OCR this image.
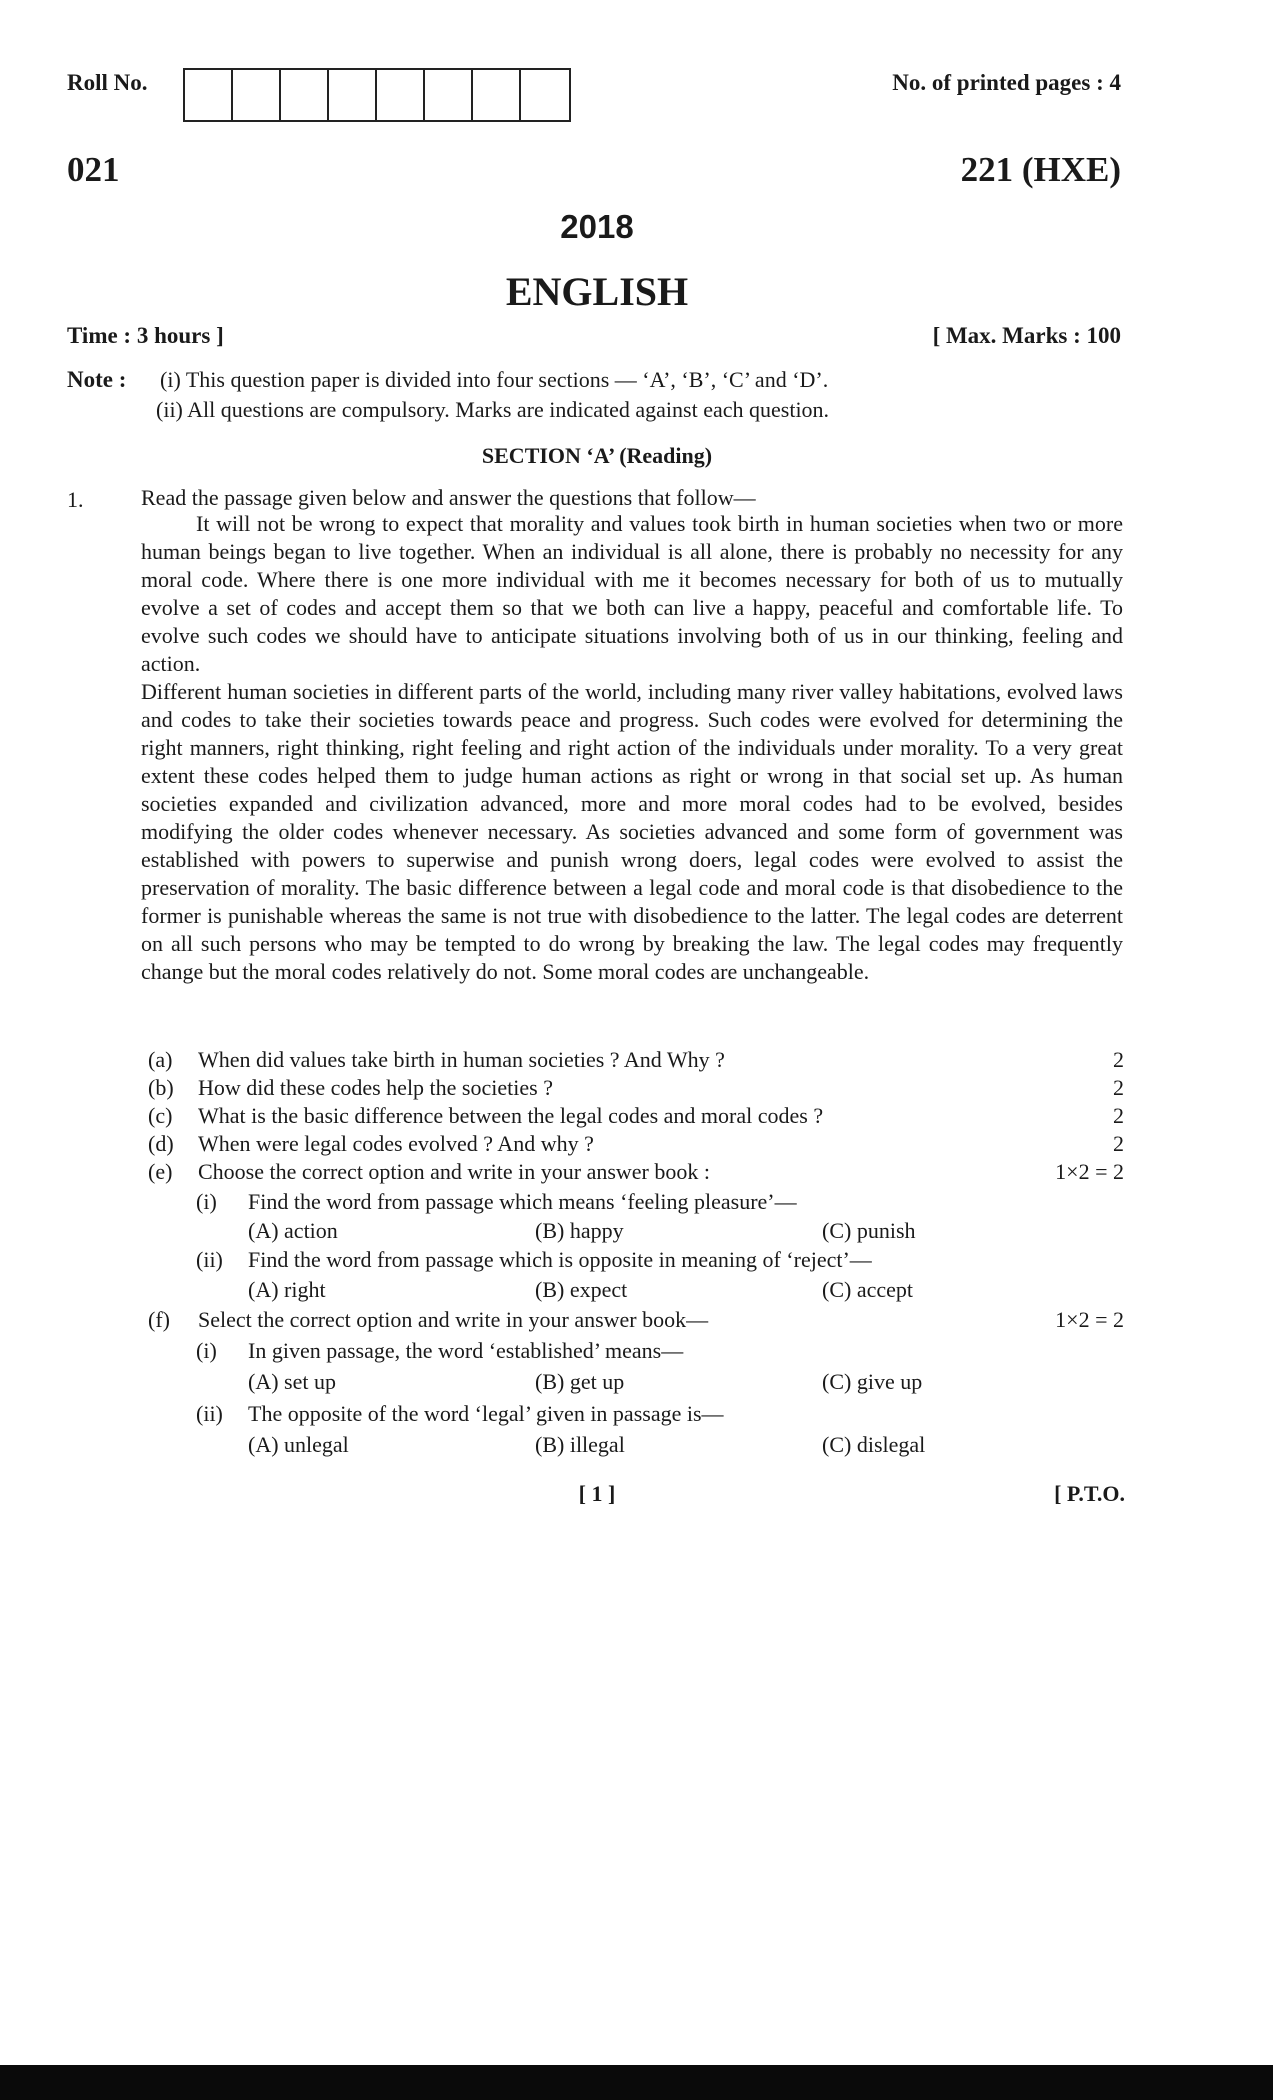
Roll No.	No. of printed pages : 4
021	221 (HXE)
2018
ENGLISH
Time : 3 hours ]	[ Max. Marks : 100
Note : (i) This question paper is divided into four sections — ‘A’, ‘B’, ‘C’ and ‘D’.
(ii) All questions are compulsory. Marks are indicated against each question.
SECTION ‘A’ (Reading)
1.	Read the passage given below and answer the questions that follow—

It will not be wrong to expect that morality and values took birth in human societies when two or more human beings began to live together. When an individual is all alone, there is probably no necessity for any moral code. Where there is one more individual with me it becomes necessary for both of us to mutually evolve a set of codes and accept them so that we both can live a happy, peaceful and comfortable life. To evolve such codes we should have to anticipate situations involving both of us in our thinking, feeling and action.

Different human societies in different parts of the world, including many river valley habitations, evolved laws and codes to take their societies towards peace and progress. Such codes were evolved for determining the right manners, right thinking, right feeling and right action of the individuals under morality. To a very great extent these codes helped them to judge human actions as right or wrong in that social set up. As human societies expanded and civilization advanced, more and more moral codes had to be evolved, besides modifying the older codes whenever necessary. As societies advanced and some form of government was established with powers to superwise and punish wrong doers, legal codes were evolved to assist the preservation of morality. The basic difference between a legal code and moral code is that disobedience to the former is punishable whereas the same is not true with disobedience to the latter. The legal codes are deterrent on all such persons who may be tempted to do wrong by breaking the law. The legal codes may frequently change but the moral codes relatively do not. Some moral codes are unchangeable.

(a)	When did values take birth in human societies ? And Why ?	2
(b)	How did these codes help the societies ?	2
(c)	What is the basic difference between the legal codes and moral codes ?	2
(d)	When were legal codes evolved ? And why ?	2
(e)	Choose the correct option and write in your answer book :	1×2 = 2
(i)	Find the word from passage which means ‘feeling pleasure’—
(A) action	(B) happy	(C) punish
(ii)	Find the word from passage which is opposite in meaning of ‘reject’—
(A) right	(B) expect	(C) accept
(f)	Select the correct option and write in your answer book—	1×2 = 2
(i)	In given passage, the word ‘established’ means—
(A) set up	(B) get up	(C) give up
(ii)	The opposite of the word ‘legal’ given in passage is—
(A) unlegal	(B) illegal	(C) dislegal
[ 1 ]	[ P.T.O.
